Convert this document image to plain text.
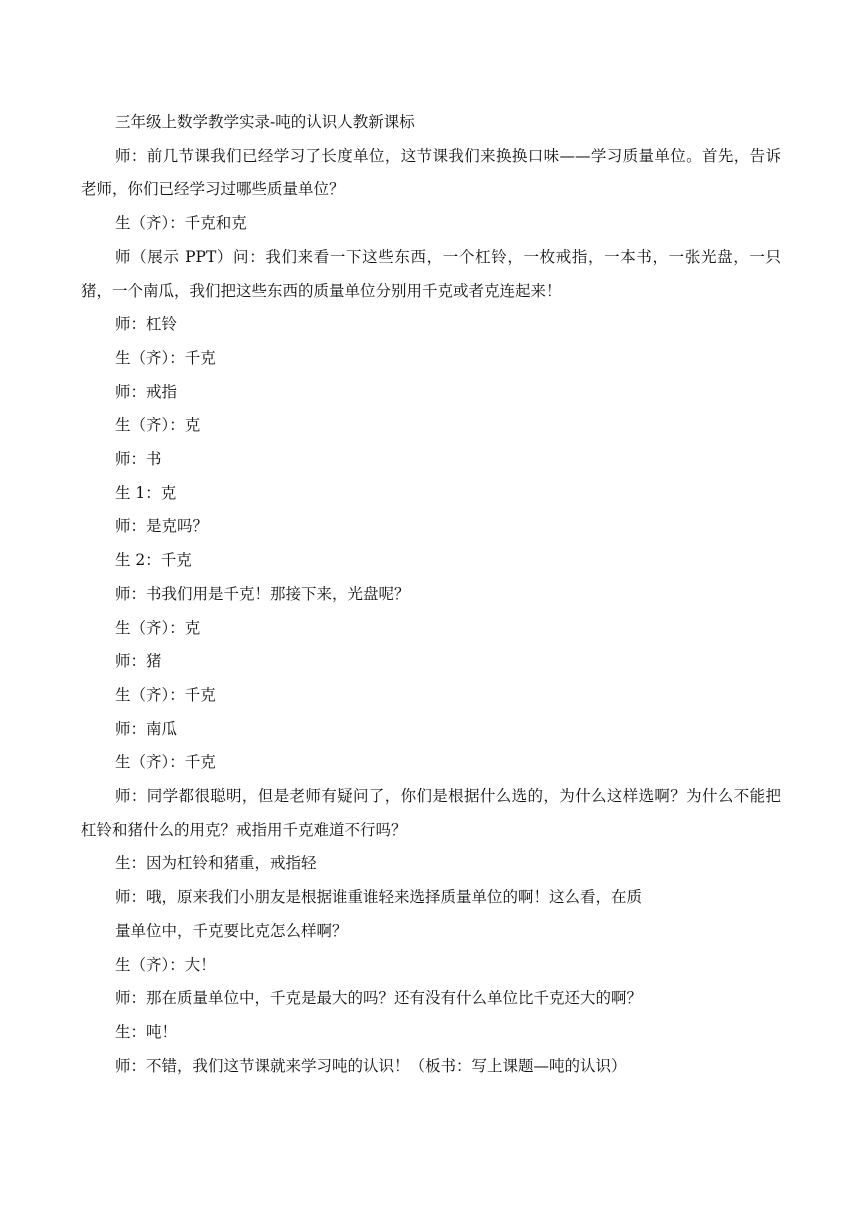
三年级上数学教学实录-吨的认识人教新课标

师：前几节课我们已经学习了长度单位，这节课我们来换换口味——学习质量单位。首先，告诉老师，你们已经学习过哪些质量单位？

生（齐）：千克和克

师（展示 PPT）问：我们来看一下这些东西，一个杠铃，一枚戒指，一本书，一张光盘，一只猪，一个南瓜，我们把这些东西的质量单位分别用千克或者克连起来！

师：杠铃

生（齐）：千克

师：戒指

生（齐）：克

师：书

生 1：克

师：是克吗？

生 2：千克

师：书我们用是千克！那接下来，光盘呢？

生（齐）：克

师：猪

生（齐）：千克

师：南瓜

生（齐）：千克

师：同学都很聪明，但是老师有疑问了，你们是根据什么选的，为什么这样选啊？为什么不能把杠铃和猪什么的用克？戒指用千克难道不行吗？

生：因为杠铃和猪重，戒指轻

师：哦，原来我们小朋友是根据谁重谁轻来选择质量单位的啊！这么看，在质

量单位中，千克要比克怎么样啊？

生（齐）：大！

师：那在质量单位中，千克是最大的吗？还有没有什么单位比千克还大的啊？

生：吨！

师：不错，我们这节课就来学习吨的认识！（板书：写上课题—吨的认识）
